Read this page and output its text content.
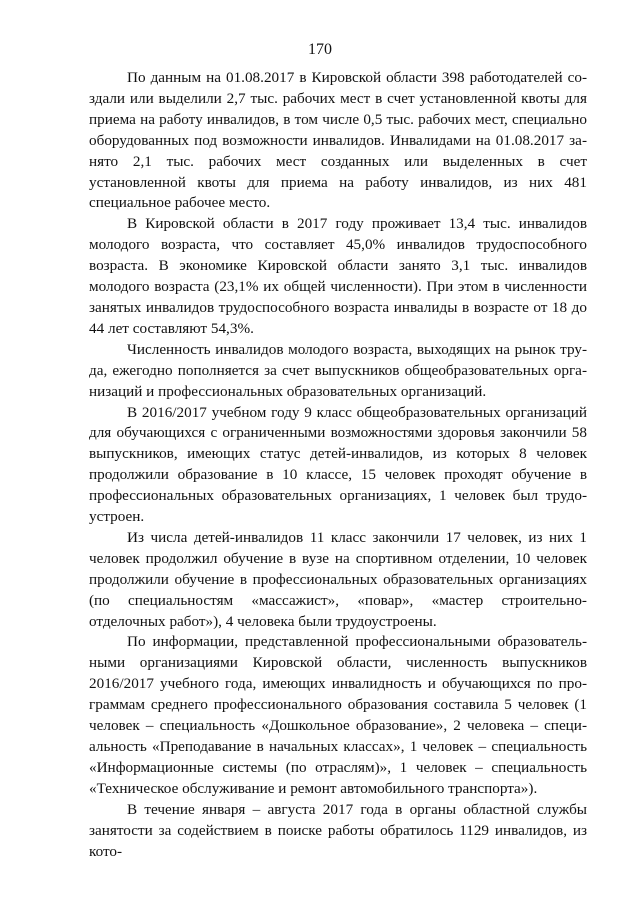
170

По данным на 01.08.2017 в Кировской области 398 работодателей создали или выделили 2,7 тыс. рабочих мест в счет установленной квоты для приема на работу инвалидов, в том числе 0,5 тыс. рабочих мест, специально оборудованных под возможности инвалидов. Инвалидами на 01.08.2017 занято 2,1 тыс. рабочих мест созданных или выделенных в счет установленной квоты для приема на работу инвалидов, из них 481 специальное рабочее место.

В Кировской области в 2017 году проживает 13,4 тыс. инвалидов молодого возраста, что составляет 45,0% инвалидов трудоспособного возраста. В экономике Кировской области занято 3,1 тыс. инвалидов молодого возраста (23,1% их общей численности). При этом в численности занятых инвалидов трудоспособного возраста инвалиды в возрасте от 18 до 44 лет составляют 54,3%.

Численность инвалидов молодого возраста, выходящих на рынок труда, ежегодно пополняется за счет выпускников общеобразовательных организаций и профессиональных образовательных организаций.

В 2016/2017 учебном году 9 класс общеобразовательных организаций для обучающихся с ограниченными возможностями здоровья закончили 58 выпускников, имеющих статус детей-инвалидов, из которых 8 человек продолжили образование в 10 классе, 15 человек проходят обучение в профессиональных образовательных организациях, 1 человек был трудоустроен.

Из числа детей-инвалидов 11 класс закончили 17 человек, из них 1 человек продолжил обучение в вузе на спортивном отделении, 10 человек продолжили обучение в профессиональных образовательных организациях (по специальностям «массажист», «повар», «мастер строительно-отделочных работ»), 4 человека были трудоустроены.

По информации, представленной профессиональными образовательными организациями Кировской области, численность выпускников 2016/2017 учебного года, имеющих инвалидность и обучающихся по программам среднего профессионального образования составила 5 человек (1 человек – специальность «Дошкольное образование», 2 человека – специальность «Преподавание в начальных классах», 1 человек – специальность «Информационные системы (по отраслям)», 1 человек – специальность «Техническое обслуживание и ремонт автомобильного транспорта»).

В течение января – августа 2017 года в органы областной службы занятости за содействием в поиске работы обратилось 1129 инвалидов, из кото-
